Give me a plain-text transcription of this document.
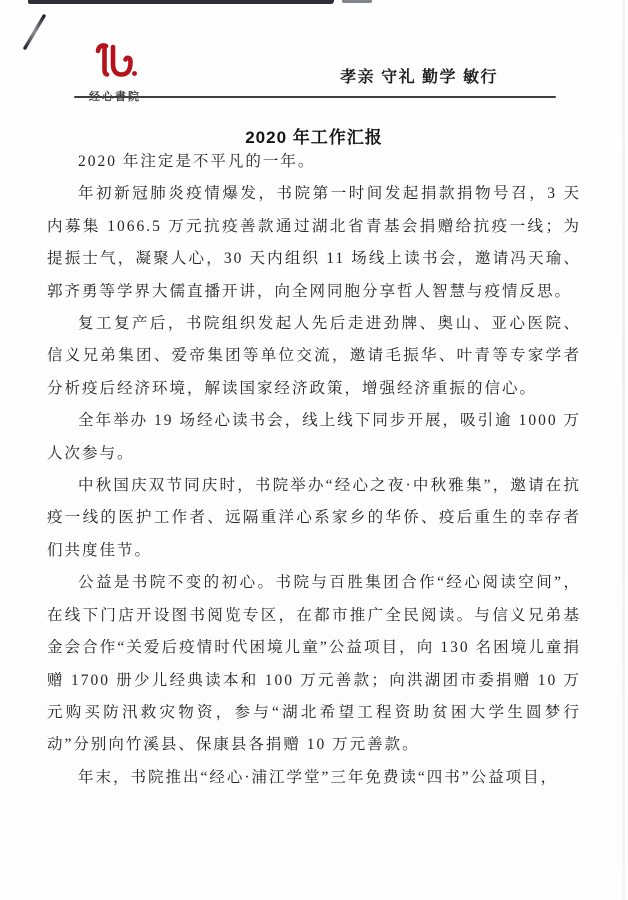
孝亲 守礼 勤学 敏行
2020 年工作汇报

2020 年注定是不平凡的一年。

年初新冠肺炎疫情爆发，书院第一时间发起捐款捐物号召，3 天内募集 1066.5 万元抗疫善款通过湖北省青基会捐赠给抗疫一线；为提振士气，凝聚人心，30 天内组织 11 场线上读书会，邀请冯天瑜、郭齐勇等学界大儒直播开讲，向全网同胞分享哲人智慧与疫情反思。

复工复产后，书院组织发起人先后走进劲牌、奥山、亚心医院、信义兄弟集团、爱帝集团等单位交流，邀请毛振华、叶青等专家学者分析疫后经济环境，解读国家经济政策，增强经济重振的信心。

全年举办 19 场经心读书会，线上线下同步开展，吸引逾 1000 万人次参与。

中秋国庆双节同庆时，书院举办“经心之夜·中秋雅集”，邀请在抗疫一线的医护工作者、远隔重洋心系家乡的华侨、疫后重生的幸存者们共度佳节。

公益是书院不变的初心。书院与百胜集团合作“经心阅读空间”，在线下门店开设图书阅览专区，在都市推广全民阅读。与信义兄弟基金会合作“关爱后疫情时代困境儿童”公益项目，向 130 名困境儿童捐赠 1700 册少儿经典读本和 100 万元善款；向洪湖团市委捐赠 10 万元购买防汛救灾物资，参与“湖北希望工程资助贫困大学生圆梦行动”分别向竹溪县、保康县各捐赠 10 万元善款。

年末，书院推出“经心·浦江学堂”三年免费读“四书”公益项目，
